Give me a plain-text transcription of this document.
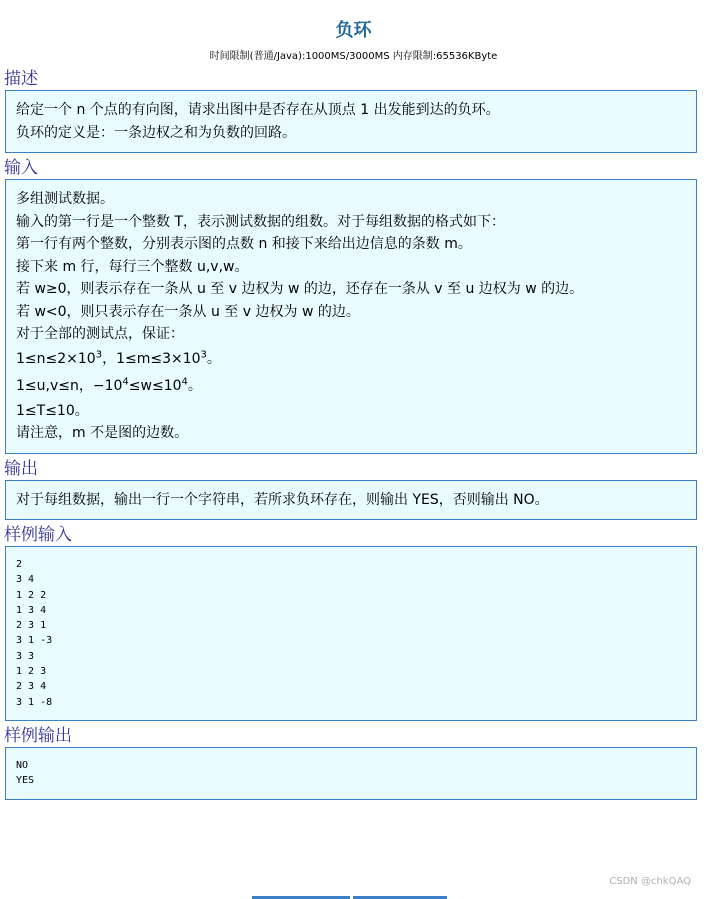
负环
时间限制(普通/Java):1000MS/3000MS 内存限制:65536KByte
描述
给定一个 n 个点的有向图，请求出图中是否存在从顶点 1 出发能到达的负环。
负环的定义是：一条边权之和为负数的回路。
输入
多组测试数据。
输入的第一行是一个整数 T，表示测试数据的组数。对于每组数据的格式如下：
第一行有两个整数，分别表示图的点数 n 和接下来给出边信息的条数 m。
接下来 m 行，每行三个整数 u,v,w。
若 w≥0，则表示存在一条从 u 至 v 边权为 w 的边，还存在一条从 v 至 u 边权为 w 的边。
若 w<0，则只表示存在一条从 u 至 v 边权为 w 的边。
对于全部的测试点，保证：
$1\le n\le 2\times 10^3$，$1\le m\le 3\times 10^3$。
1≤u,v≤n，$-10^4\le w\le 10^4$。
1≤T≤10。
请注意，m 不是图的边数。
输出
对于每组数据，输出一行一个字符串，若所求负环存在，则输出 YES，否则输出 NO。
样例输入
2
3 4
1 2 2
1 3 4
2 3 1
3 1 -3
3 3
1 2 3
2 3 4
3 1 -8
样例输出
NO
YES
CSDN @chkQAQ
